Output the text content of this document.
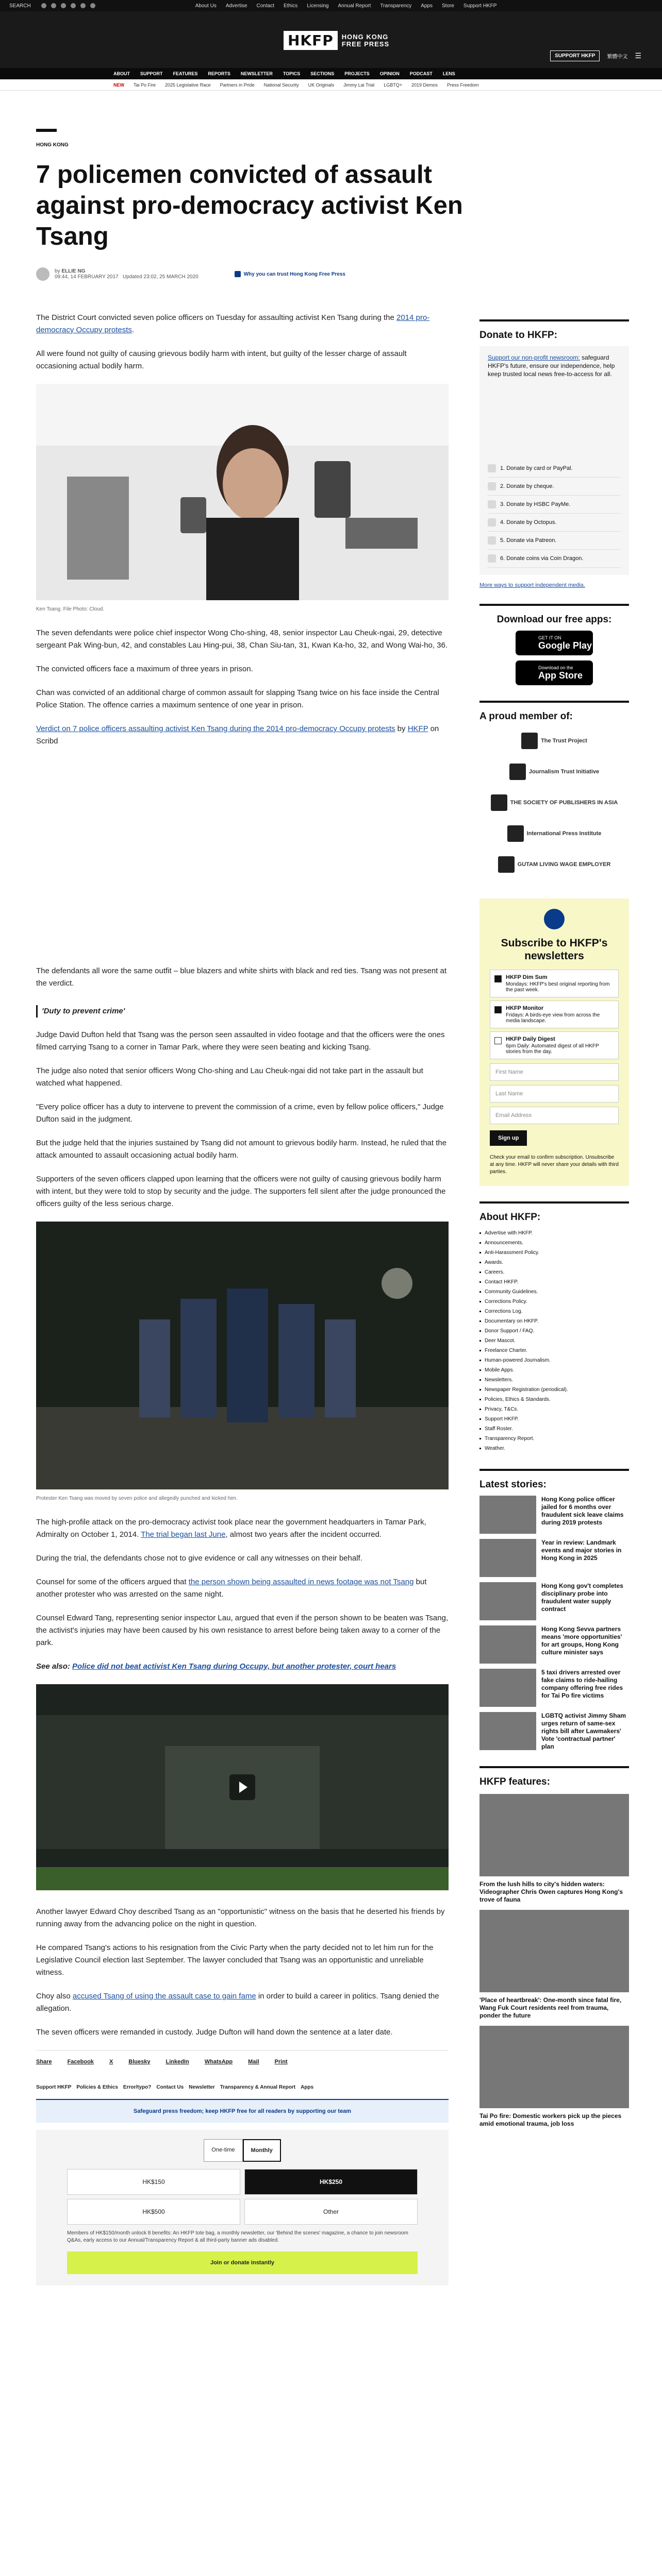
SEARCH	About Us Advertise Contact Ethics Licensing Annual Report Transparency Apps Store Support HKFP
HKFP	HONG KONG
FREE PRESS
SUPPORT HKFP	繁體中文 ☰
ABOUT SUPPORT FEATURES REPORTS NEWSLETTER TOPICS SECTIONS PROJECTS OPINION PODCAST LENS
NEW Tai Po Fire 2025 Legislative Race Partners in Pride National Security UK Originals Jimmy Lai Trial LGBTQ+ 2019 Demos Press Freedom
HONG KONG
7 policemen convicted of assault against pro-democracy activist Ken Tsang
by ELLIE NG
09:44, 14 FEBRUARY 2017 Updated 23:02, 25 MARCH 2020	Why you can trust Hong Kong Free Press

The District Court convicted seven police officers on Tuesday for assaulting activist Ken Tsang during the 2014 pro-democracy Occupy protests.

All were found not guilty of causing grievous bodily harm with intent, but guilty of the lesser charge of assault occasioning actual bodily harm.

Ken Tsang. File Photo: Cloud.

The seven defendants were police chief inspector Wong Cho-shing, 48, senior inspector Lau Cheuk-ngai, 29, detective sergeant Pak Wing-bun, 42, and constables Lau Hing-pui, 38, Chan Siu-tan, 31, Kwan Ka-ho, 32, and Wong Wai-ho, 36.

The convicted officers face a maximum of three years in prison.

Chan was convicted of an additional charge of common assault for slapping Tsang twice on his face inside the Central Police Station. The offence carries a maximum sentence of one year in prison.

Verdict on 7 police officers assaulting activist Ken Tsang during the 2014 pro-democracy Occupy protests by HKFP on Scribd

The defendants all wore the same outfit – blue blazers and white shirts with black and red ties. Tsang was not present at the verdict.

'Duty to prevent crime'

Judge David Dufton held that Tsang was the person seen assaulted in video footage and that the officers were the ones filmed carrying Tsang to a corner in Tamar Park, where they were seen beating and kicking Tsang.

The judge also noted that senior officers Wong Cho-shing and Lau Cheuk-ngai did not take part in the assault but watched what happened.

"Every police officer has a duty to intervene to prevent the commission of a crime, even by fellow police officers," Judge Dufton said in the judgment.

But the judge held that the injuries sustained by Tsang did not amount to grievous bodily harm. Instead, he ruled that the attack amounted to assault occasioning actual bodily harm.

Supporters of the seven officers clapped upon learning that the officers were not guilty of causing grievous bodily harm with intent, but they were told to stop by security and the judge. The supporters fell silent after the judge pronounced the officers guilty of the less serious charge.

Protester Ken Tsang was moved by seven police and allegedly punched and kicked him.

The high-profile attack on the pro-democracy activist took place near the government headquarters in Tamar Park, Admiralty on October 1, 2014. The trial began last June, almost two years after the incident occurred.

During the trial, the defendants chose not to give evidence or call any witnesses on their behalf.

Counsel for some of the officers argued that the person shown being assaulted in news footage was not Tsang but another protester who was arrested on the same night.

Counsel Edward Tang, representing senior inspector Lau, argued that even if the person shown to be beaten was Tsang, the activist's injuries may have been caused by his own resistance to arrest before being taken away to a corner of the park.

See also: Police did not beat activist Ken Tsang during Occupy, but another protester, court hears

Another lawyer Edward Choy described Tsang as an "opportunistic" witness on the basis that he deserted his friends by running away from the advancing police on the night in question.

He compared Tsang's actions to his resignation from the Civic Party when the party decided not to let him run for the Legislative Council election last September. The lawyer concluded that Tsang was an opportunistic and unreliable witness.

Choy also accused Tsang of using the assault case to gain fame in order to build a career in politics. Tsang denied the allegation.

The seven officers were remanded in custody. Judge Dufton will hand down the sentence at a later date.

Share	Facebook	X	Bluesky	LinkedIn	WhatsApp	Mail	Print
Support HKFP Policies & Ethics Error/typo? Contact Us Newsletter Transparency & Annual Report Apps
Safeguard press freedom; keep HKFP free for all readers by supporting our team
One-time	Monthly
HK$150	HK$250
HK$500	Other
Members of HK$150/month unlock 8 benefits: An HKFP tote bag, a monthly newsletter, our 'Behind the scenes' magazine, a chance to join newsroom Q&As, early access to our Annual/Transparency Report & all third-party banner ads disabled.
Join or donate instantly
Donate to HKFP:

Support our non-profit newsroom: safeguard HKFP's future, ensure our independence, help keep trusted local news free-to-access for all.

1. Donate by card or PayPal.
2. Donate by cheque.
3. Donate by HSBC PayMe.
4. Donate by Octopus.
5. Donate via Patreon.
6. Donate coins via Coin Dragon.
More ways to support independent media.
Download our free apps:
GET IT ON
Google Play
Download on the
App Store
A proud member of:
The Trust Project
Journalism Trust Initiative
THE SOCIETY OF PUBLISHERS IN ASIA
International Press Institute
GUTAM LIVING WAGE EMPLOYER
Subscribe to HKFP's newsletters
HKFP Dim Sum
Mondays: HKFP's best original reporting from the past week.
HKFP Monitor
Fridays: A birds-eye view from across the media landscape.
HKFP Daily Digest
6pm Daily: Automated digest of all HKFP stories from the day.
First Name
Last Name
Email Address
Sign up
Check your email to confirm subscription. Unsubscribe at any time. HKFP will never share your details with third parties.
About HKFP:
Advertise with HKFP.
Announcements.
Anti-Harassment Policy.
Awards.
Careers.
Contact HKFP.
Community Guidelines.
Corrections Policy.
Corrections Log.
Documentary on HKFP.
Donor Support / FAQ.
Deer Mascot.
Freelance Charter.
Human-powered Journalism.
Mobile Apps.
Newsletters.
Newspaper Registration (periodical).
Policies, Ethics & Standards.
Privacy, T&Cs.
Support HKFP.
Staff Roster.
Transparency Report.
Weather.
Latest stories:
Hong Kong police officer jailed for 6 months over fraudulent sick leave claims during 2019 protests
Year in review: Landmark events and major stories in Hong Kong in 2025
Hong Kong gov't completes disciplinary probe into fraudulent water supply contract
Hong Kong Sevva partners means 'more opportunities' for art groups, Hong Kong culture minister says
5 taxi drivers arrested over fake claims to ride-hailing company offering free rides for Tai Po fire victims
LGBTQ activist Jimmy Sham urges return of same-sex rights bill after Lawmakers' Vote 'contractual partner' plan
HKFP features:
From the lush hills to city's hidden waters: Videographer Chris Owen captures Hong Kong's trove of fauna
'Place of heartbreak': One-month since fatal fire, Wang Fuk Court residents reel from trauma, ponder the future
Tai Po fire: Domestic workers pick up the pieces amid emotional trauma, job loss
